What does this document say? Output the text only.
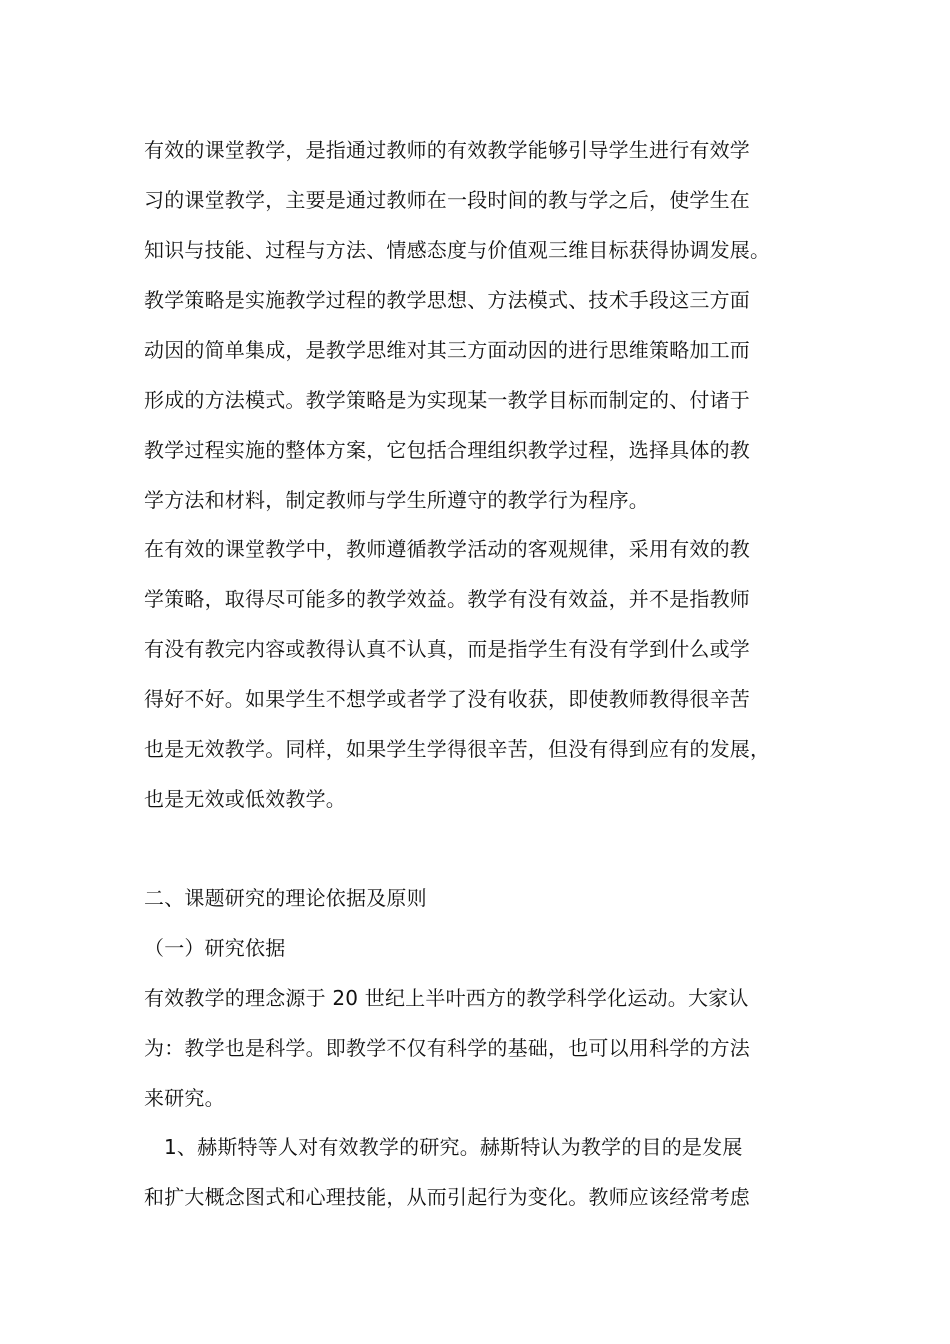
有效的课堂教学，是指通过教师的有效教学能够引导学生进行有效学
习的课堂教学，主要是通过教师在一段时间的教与学之后，使学生在
知识与技能、过程与方法、情感态度与价值观三维目标获得协调发展。
教学策略是实施教学过程的教学思想、方法模式、技术手段这三方面
动因的简单集成，是教学思维对其三方面动因的进行思维策略加工而
形成的方法模式。教学策略是为实现某一教学目标而制定的、付诸于
教学过程实施的整体方案，它包括合理组织教学过程，选择具体的教
学方法和材料，制定教师与学生所遵守的教学行为程序。
在有效的课堂教学中，教师遵循教学活动的客观规律，采用有效的教
学策略，取得尽可能多的教学效益。教学有没有效益，并不是指教师
有没有教完内容或教得认真不认真，而是指学生有没有学到什么或学
得好不好。如果学生不想学或者学了没有收获，即使教师教得很辛苦
也是无效教学。同样，如果学生学得很辛苦，但没有得到应有的发展，
也是无效或低效教学。
二、课题研究的理论依据及原则
（一）研究依据
有效教学的理念源于 20 世纪上半叶西方的教学科学化运动。大家认
为：教学也是科学。即教学不仅有科学的基础，也可以用科学的方法
来研究。
1、赫斯特等人对有效教学的研究。赫斯特认为教学的目的是发展
和扩大概念图式和心理技能，从而引起行为变化。教师应该经常考虑
